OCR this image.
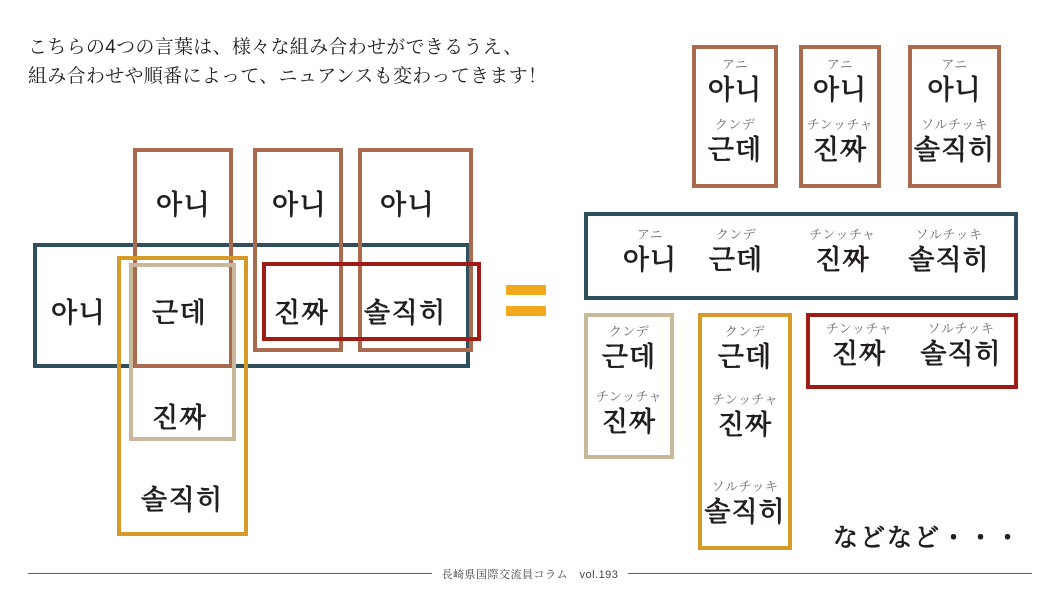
こちらの4つの言葉は、様々な組み合わせができるうえ、
組み合わせや順番によって、ニュアンスも変わってきます！
아니 아니 아니
아니 근데 진짜 솔직히
진짜
솔직히
アニ
아니
クンデ
근데
アニ
아니
チンッチャ
진짜
アニ
아니
ソルチッキ
솔직히
アニ
아니
クンデ
근데
チンッチャ
진짜
ソルチッキ
솔직히
クンデ
근데
チンッチャ
진짜
クンデ
근데
チンッチャ
진짜
ソルチッキ
솔직히
チンッチャ
진짜
ソルチッキ
솔직히
などなど・・・
長崎県国際交流員コラム　vol.193
